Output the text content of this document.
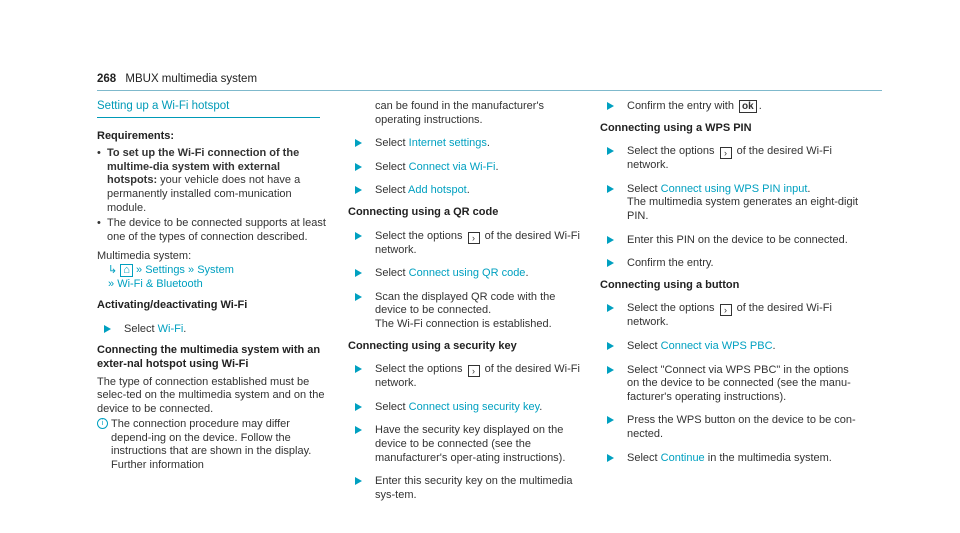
268 MBUX multimedia system
Setting up a Wi-Fi hotspot
Requirements:
• To set up the Wi-Fi connection of the multime-dia system with external hotspots: your vehicle does not have a permanently installed com-munication module.
• The device to be connected supports at least one of the types of connection described.
Multimedia system:
↳ ⌂ » Settings » System
» Wi-Fi & Bluetooth
Activating/deactivating Wi-Fi
Select Wi-Fi.
Connecting the multimedia system with an exter-nal hotspot using Wi-Fi
The type of connection established must be selec-ted on the multimedia system and on the device to be connected.
i The connection procedure may differ depend-ing on the device. Follow the instructions that are shown in the display. Further information
can be found in the manufacturer's operating instructions.
Select Internet settings.
Select Connect via Wi-Fi.
Select Add hotspot.
Connecting using a QR code
Select the options › of the desired Wi-Fi network.
Select Connect using QR code.
Scan the displayed QR code with the device to be connected.
The Wi-Fi connection is established.
Connecting using a security key
Select the options › of the desired Wi-Fi network.
Select Connect using security key.
Have the security key displayed on the device to be connected (see the manufacturer's oper-ating instructions).
Enter this security key on the multimedia sys-tem.
Confirm the entry with ok .
Connecting using a WPS PIN
Select the options › of the desired Wi-Fi network.
Select Connect using WPS PIN input.
The multimedia system generates an eight-digit PIN.
Enter this PIN on the device to be connected.
Confirm the entry.
Connecting using a button
Select the options › of the desired Wi-Fi network.
Select Connect via WPS PBC.
Select "Connect via WPS PBC" in the options on the device to be connected (see the manu-facturer's operating instructions).
Press the WPS button on the device to be con-nected.
Select Continue in the multimedia system.
